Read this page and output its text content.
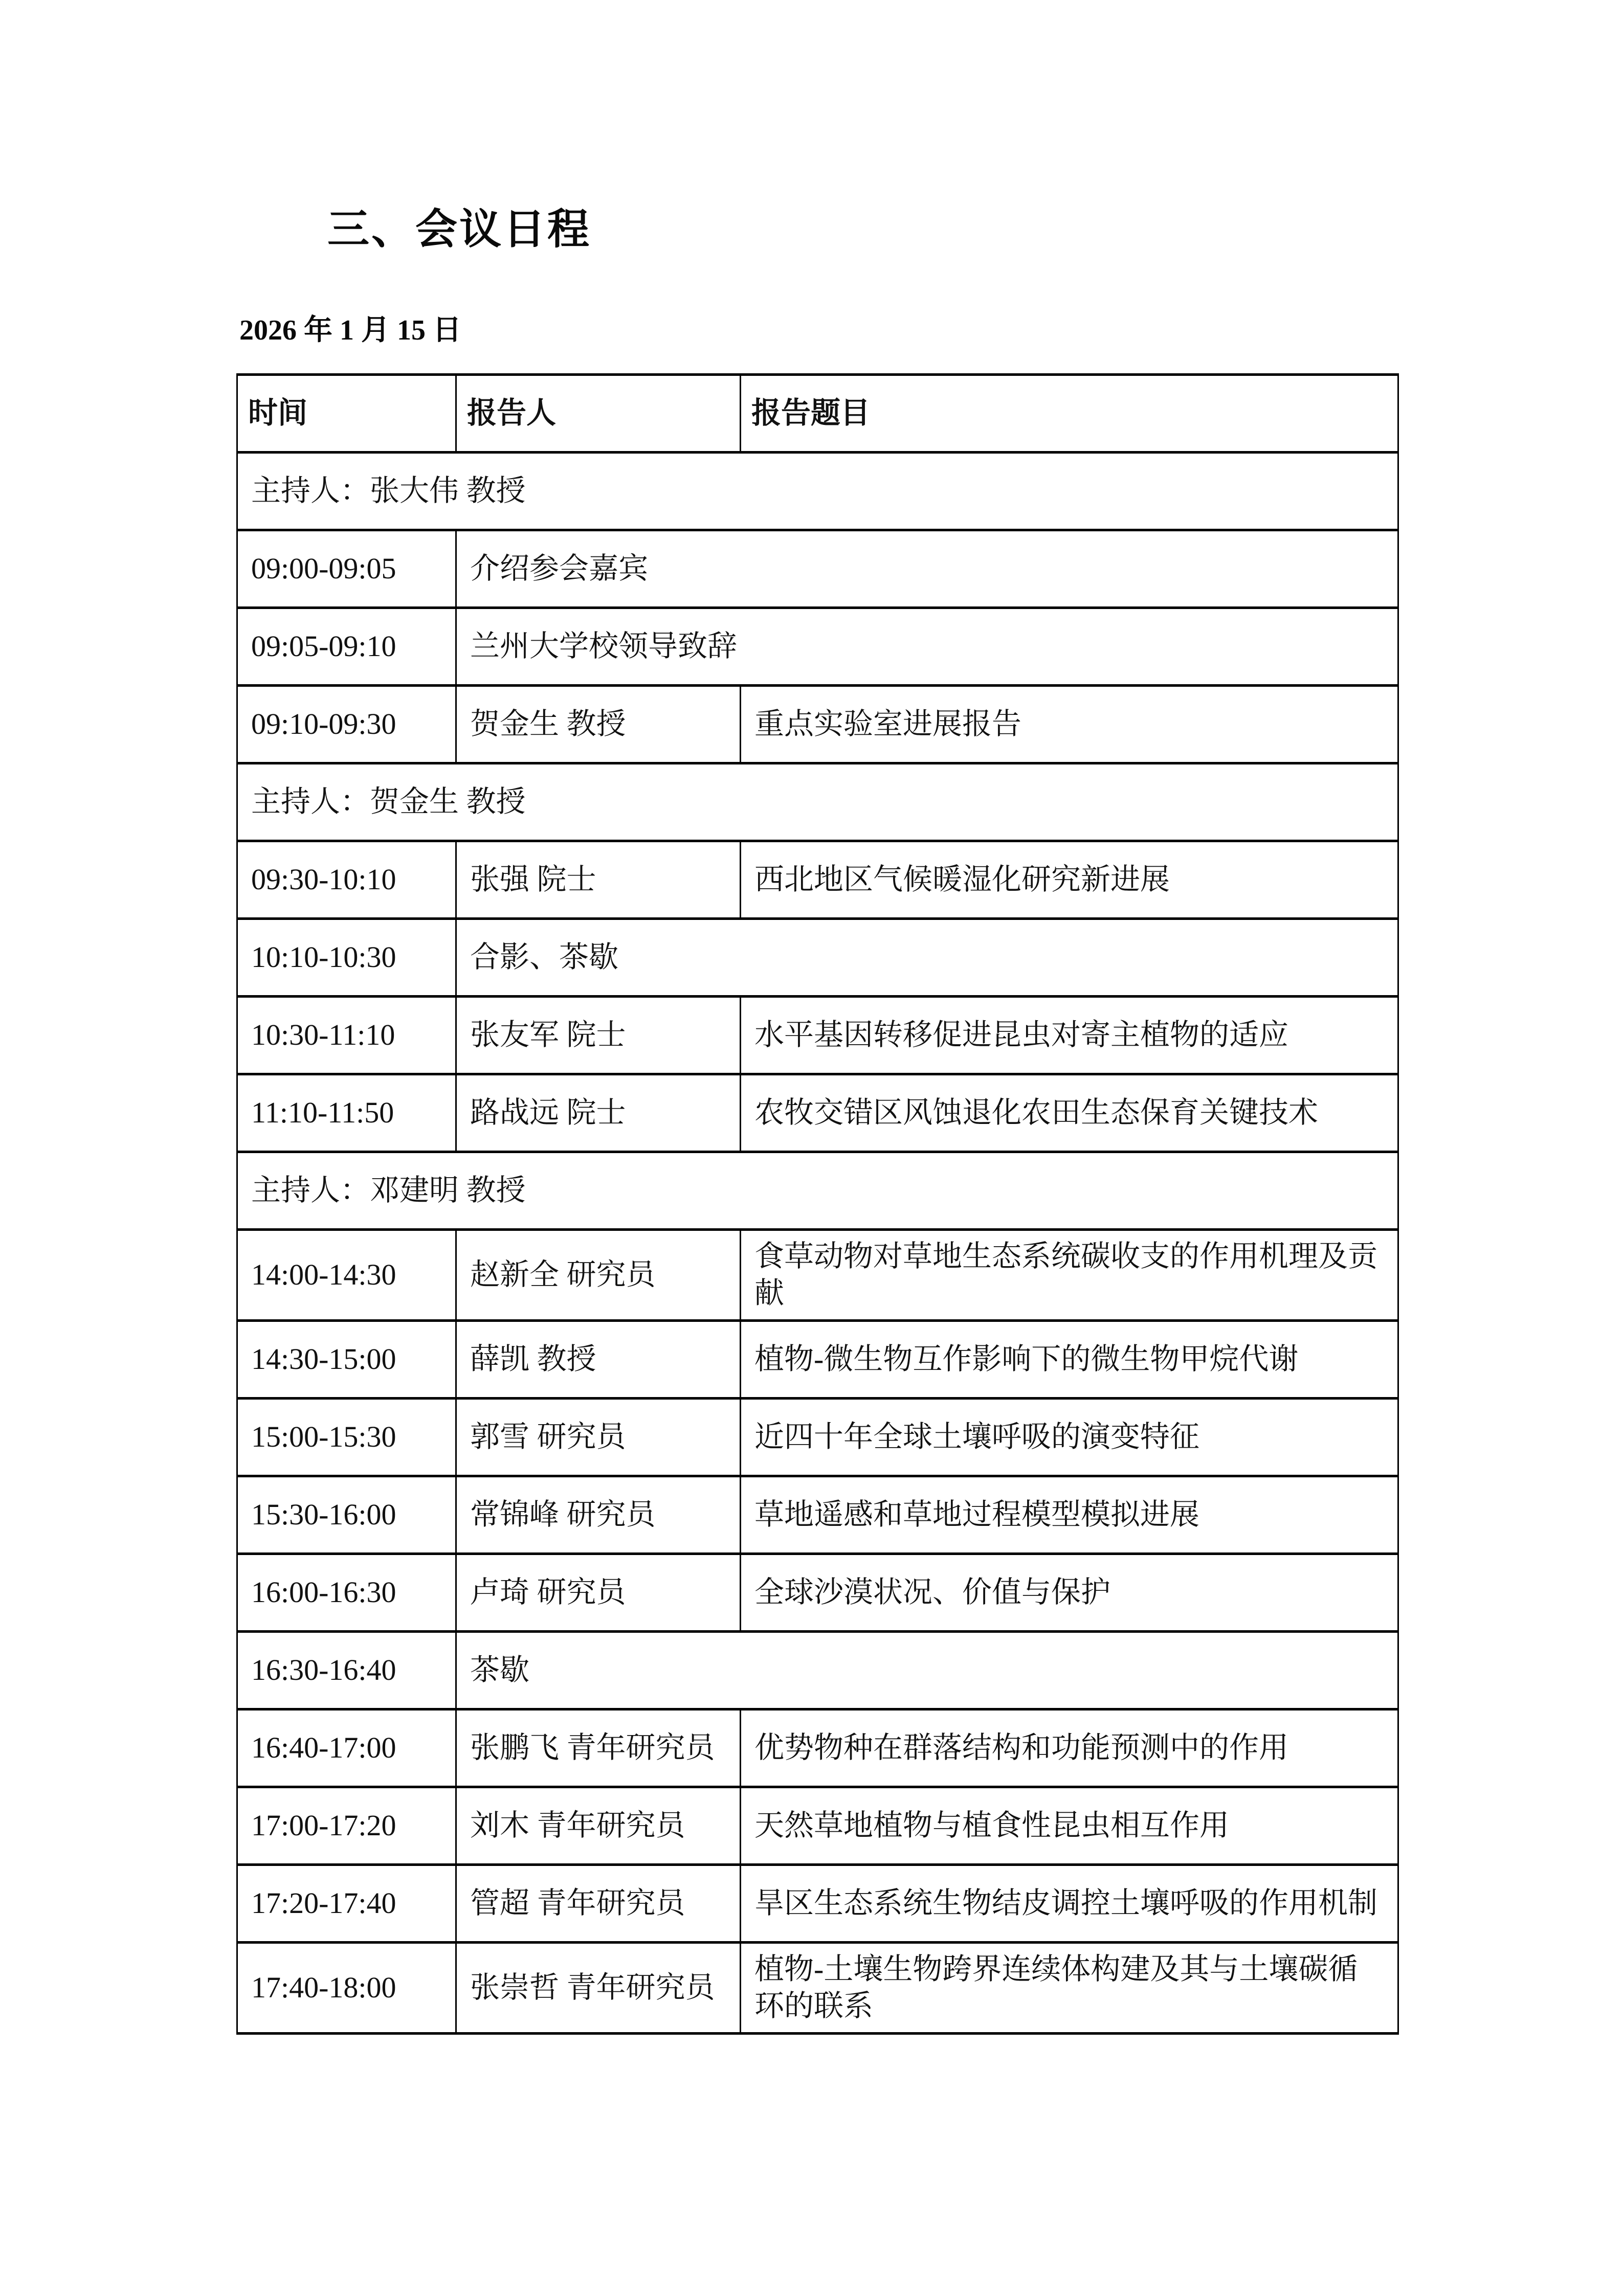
三、会议日程

2026 年 1 月 15 日

时间	报告人	报告题目
主持人：张大伟 教授		
09:00-09:05	介绍参会嘉宾	
09:05-09:10	兰州大学校领导致辞	
09:10-09:30	贺金生 教授	重点实验室进展报告
主持人：贺金生 教授		
09:30-10:10	张强 院士	西北地区气候暖湿化研究新进展
10:10-10:30	合影、茶歇	
10:30-11:10	张友军 院士	水平基因转移促进昆虫对寄主植物的适应
11:10-11:50	路战远 院士	农牧交错区风蚀退化农田生态保育关键技术
主持人：邓建明 教授		
14:00-14:30	赵新全 研究员	食草动物对草地生态系统碳收支的作用机理及贡献
14:30-15:00	薛凯 教授	植物-微生物互作影响下的微生物甲烷代谢
15:00-15:30	郭雪 研究员	近四十年全球土壤呼吸的演变特征
15:30-16:00	常锦峰 研究员	草地遥感和草地过程模型模拟进展
16:00-16:30	卢琦 研究员	全球沙漠状况、价值与保护
16:30-16:40	茶歇	
16:40-17:00	张鹏飞 青年研究员	优势物种在群落结构和功能预测中的作用
17:00-17:20	刘木 青年研究员	天然草地植物与植食性昆虫相互作用
17:20-17:40	管超 青年研究员	旱区生态系统生物结皮调控土壤呼吸的作用机制
17:40-18:00	张崇哲 青年研究员	植物-土壤生物跨界连续体构建及其与土壤碳循环的联系
